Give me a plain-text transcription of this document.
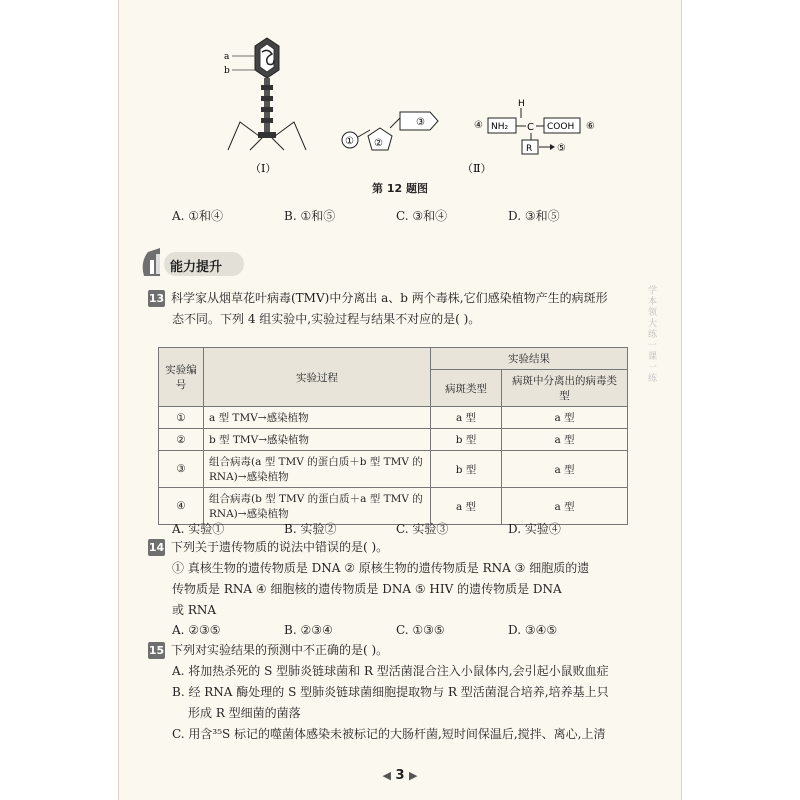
a
b
（Ⅰ）
① ②
③	④ NH₂
H
C COOH ⑥
R ⑤
（Ⅱ）
第 12 题图
A. ①和④	B. ①和⑤	C. ③和④	D. ③和⑤
能力提升
13 科学家从烟草花叶病毒(TMV)中分离出 a、b 两个毒株,它们感染植物产生的病斑形
态不同。下列 4 组实验中,实验过程与结果不对应的是( )。
实验编号	实验过程	实验结果	
		病斑类型	病斑中分离出的病毒类型
①	a 型 TMV→感染植物	a 型	a 型
②	b 型 TMV→感染植物	b 型	a 型
③	组合病毒(a 型 TMV 的蛋白质＋b 型 TMV 的 RNA)→感染植物	b 型	a 型
④	组合病毒(b 型 TMV 的蛋白质＋a 型 TMV 的 RNA)→感染植物	a 型	a 型
A. 实验①	B. 实验②	C. 实验③	D. 实验④
14 下列关于遗传物质的说法中错误的是( )。
① 真核生物的遗传物质是 DNA ② 原核生物的遗传物质是 RNA ③ 细胞质的遗
传物质是 RNA ④ 细胞核的遗传物质是 DNA ⑤ HIV 的遗传物质是 DNA
或 RNA
A. ②③⑤	B. ②③④	C. ①③⑤	D. ③④⑤
15 下列对实验结果的预测中不正确的是( )。
A. 将加热杀死的 S 型肺炎链球菌和 R 型活菌混合注入小鼠体内,会引起小鼠败血症
B. 经 RNA 酶处理的 S 型肺炎链球菌细胞提取物与 R 型活菌混合培养,培养基上只
形成 R 型细菌的菌落
C. 用含³⁵S 标记的噬菌体感染未被标记的大肠杆菌,短时间保温后,搅拌、离心,上清
学本领大练一课一练
◀ 3 ▶
